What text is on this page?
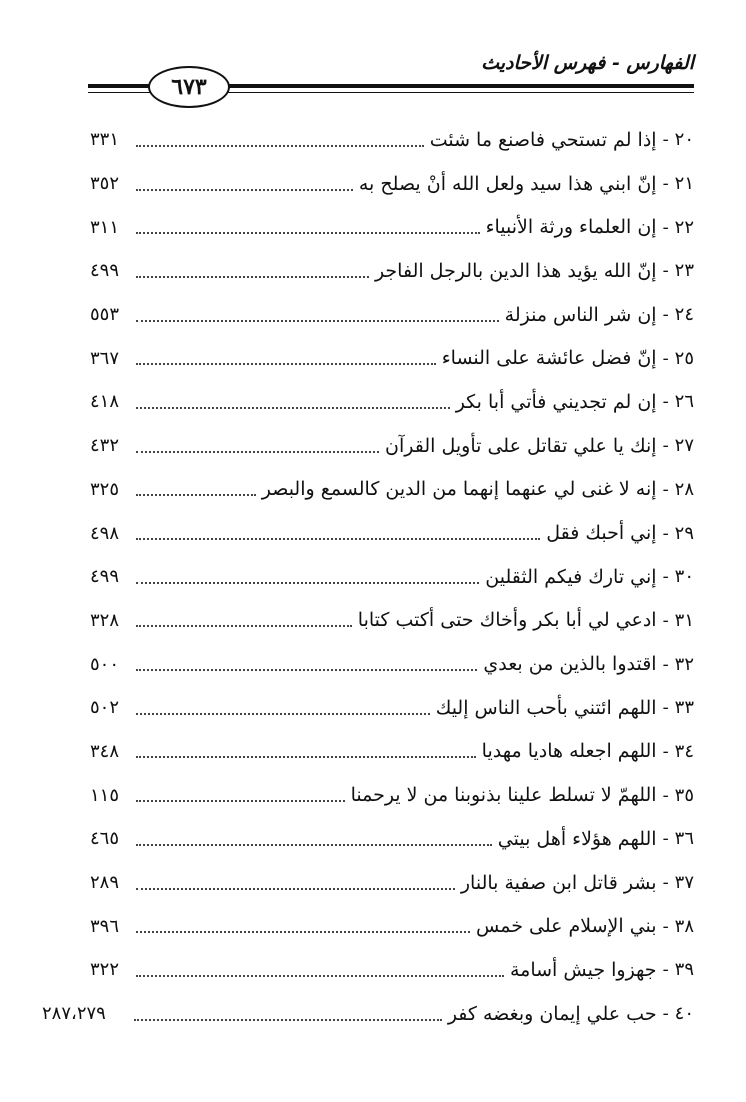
الفهارس - فهرس الأحاديث
٦٧٣
٣٣١	إذا لم تستحي فاصنع ما شئت - ٢٠
٣٥٢	إنّ ابني هذا سيد ولعل الله أنْ يصلح به - ٢١
٣١١	إن العلماء ورثة الأنبياء - ٢٢
٤٩٩	إنّ الله يؤيد هذا الدين بالرجل الفاجر - ٢٣
٥٥٣	إن شر الناس منزلة - ٢٤
٣٦٧	إنّ فضل عائشة على النساء - ٢٥
٤١٨	إن لم تجديني فأتي أبا بكر - ٢٦
٤٣٢	إنك يا علي تقاتل على تأويل القرآن - ٢٧
٣٢٥	إنه لا غنى لي عنهما إنهما من الدين كالسمع والبصر - ٢٨
٤٩٨	إني أحبك فقل - ٢٩
٤٩٩	إني تارك فيكم الثقلين - ٣٠
٣٢٨	ادعي لي أبا بكر وأخاك حتى أكتب كتابا - ٣١
٥٠٠	اقتدوا بالذين من بعدي - ٣٢
٥٠٢	اللهم ائتني بأحب الناس إليك - ٣٣
٣٤٨	اللهم اجعله هاديا مهديا - ٣٤
١١٥	اللهمّ لا تسلط علينا بذنوبنا من لا يرحمنا - ٣٥
٤٦٥	اللهم هؤلاء أهل بيتي - ٣٦
٢٨٩	بشر قاتل ابن صفية بالنار - ٣٧
٣٩٦	بني الإسلام على خمس - ٣٨
٣٢٢	جهزوا جيش أسامة - ٣٩
٢٨٧،٢٧٩	حب علي إيمان وبغضه كفر - ٤٠
